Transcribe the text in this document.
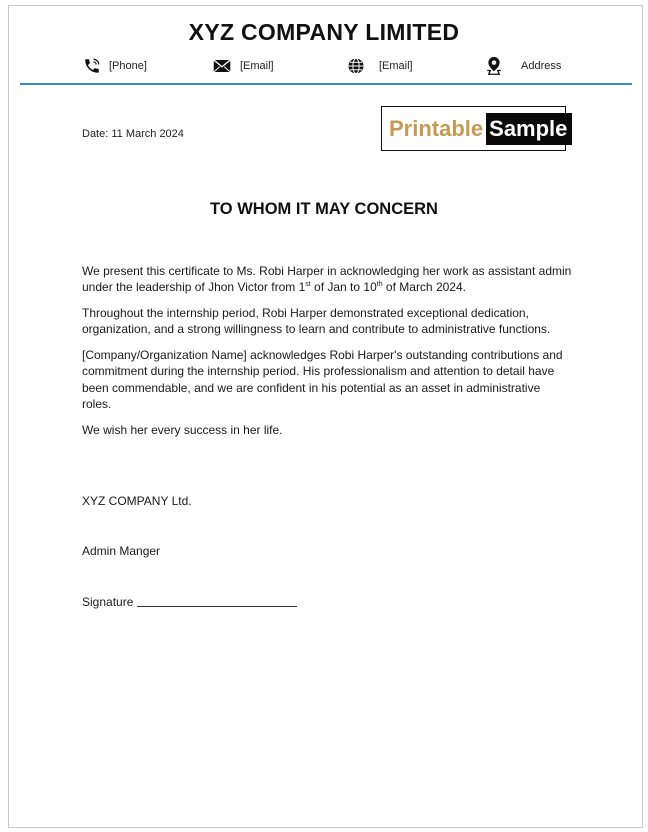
XYZ COMPANY LIMITED
[Phone]	[Email]	[Email]	Address
Date: 11 March 2024	Printable Sample
TO WHOM IT MAY CONCERN

We present this certificate to Ms. Robi Harper in acknowledging her work as assistant admin under the leadership of Jhon Victor from 1st of Jan to 10th of March 2024.

Throughout the internship period, Robi Harper demonstrated exceptional dedication, organization, and a strong willingness to learn and contribute to administrative functions.

[Company/Organization Name] acknowledges Robi Harper's outstanding contributions and commitment during the internship period. His professionalism and attention to detail have been commendable, and we are confident in his potential as an asset in administrative roles.

We wish her every success in her life.

XYZ COMPANY Ltd.
Admin Manger
Signature
